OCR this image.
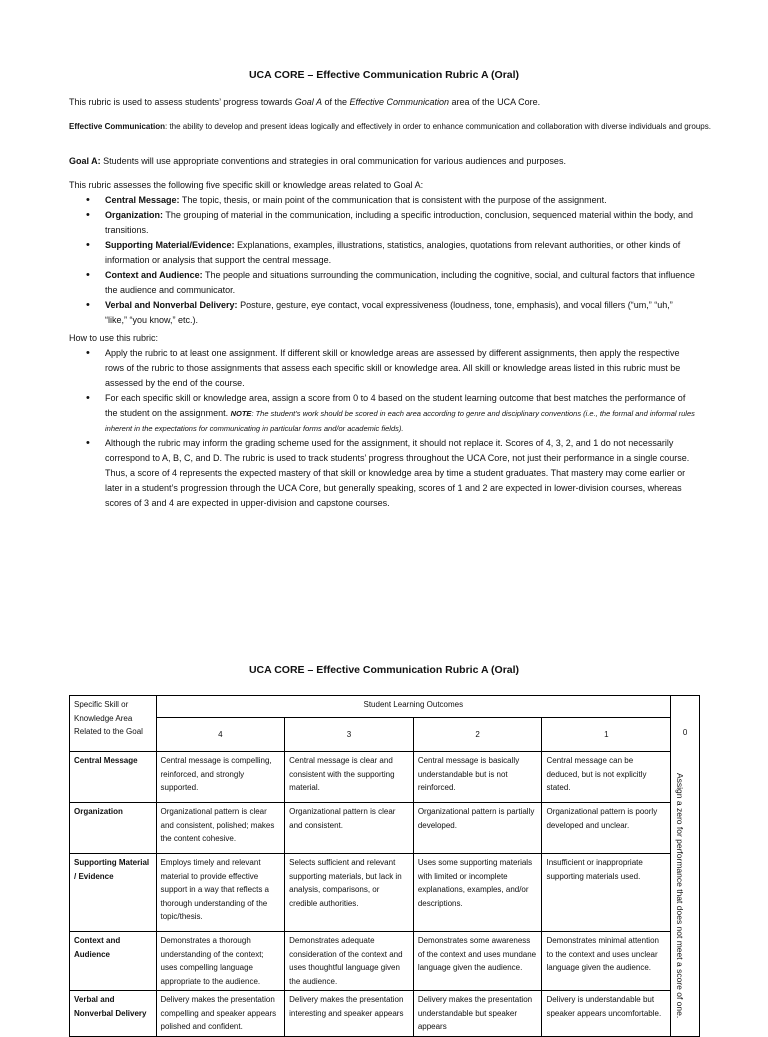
UCA CORE – Effective Communication Rubric A (Oral)
This rubric is used to assess students’ progress towards Goal A of the Effective Communication area of the UCA Core.
Effective Communication: the ability to develop and present ideas logically and effectively in order to enhance communication and collaboration with diverse individuals and groups.
Goal A: Students will use appropriate conventions and strategies in oral communication for various audiences and purposes.
This rubric assesses the following five specific skill or knowledge areas related to Goal A:
• Central Message: The topic, thesis, or main point of the communication that is consistent with the purpose of the assignment.
• Organization: The grouping of material in the communication, including a specific introduction, conclusion, sequenced material within the body, and transitions.
• Supporting Material/Evidence: Explanations, examples, illustrations, statistics, analogies, quotations from relevant authorities, or other kinds of information or analysis that support the central message.
• Context and Audience: The people and situations surrounding the communication, including the cognitive, social, and cultural factors that influence the audience and communicator.
• Verbal and Nonverbal Delivery: Posture, gesture, eye contact, vocal expressiveness (loudness, tone, emphasis), and vocal fillers (“um,” “uh,” “like,” “you know,” etc.).
How to use this rubric:
• Apply the rubric to at least one assignment. If different skill or knowledge areas are assessed by different assignments, then apply the respective rows of the rubric to those assignments that assess each specific skill or knowledge area. All skill or knowledge areas listed in this rubric must be assessed by the end of the course.
• For each specific skill or knowledge area, assign a score from 0 to 4 based on the student learning outcome that best matches the performance of the student on the assignment. NOTE: The student’s work should be scored in each area according to genre and disciplinary conventions (i.e., the formal and informal rules inherent in the expectations for communicating in particular forms and/or academic fields).
• Although the rubric may inform the grading scheme used for the assignment, it should not replace it. Scores of 4, 3, 2, and 1 do not necessarily correspond to A, B, C, and D. The rubric is used to track students’ progress throughout the UCA Core, not just their performance in a single course. Thus, a score of 4 represents the expected mastery of that skill or knowledge area by time a student graduates. That mastery may come earlier or later in a student’s progression through the UCA Core, but generally speaking, scores of 1 and 2 are expected in lower-division courses, whereas scores of 3 and 4 are expected in upper-division and capstone courses.
UCA CORE – Effective Communication Rubric A (Oral)
Specific Skill or Knowledge Area Related to the Goal	Student Learning Outcomes				0
Assign a zero for performance that does not meet a score of one.

	4	3	2	1	
Central Message	Central message is compelling, reinforced, and strongly supported.	Central message is clear and consistent with the supporting material.	Central message is basically understandable but is not reinforced.	Central message can be deduced, but is not explicitly stated.	
Organization	Organizational pattern is clear and consistent, polished; makes the content cohesive.	Organizational pattern is clear and consistent.	Organizational pattern is partially developed.	Organizational pattern is poorly developed and unclear.	
Supporting Material / Evidence	Employs timely and relevant material to provide effective support in a way that reflects a thorough understanding of the topic/thesis.	Selects sufficient and relevant supporting materials, but lack in analysis, comparisons, or credible authorities.	Uses some supporting materials with limited or incomplete explanations, examples, and/or descriptions.	Insufficient or inappropriate supporting materials used.	
Context and Audience	Demonstrates a thorough understanding of the context; uses compelling language appropriate to the audience.	Demonstrates adequate consideration of the context and uses thoughtful language given the audience.	Demonstrates some awareness of the context and uses mundane language given the audience.	Demonstrates minimal attention to the context and uses unclear language given the audience.	
Verbal and Nonverbal Delivery	Delivery makes the presentation compelling and speaker appears polished and confident.	Delivery makes the presentation interesting and speaker appears	Delivery makes the presentation understandable but speaker appears	Delivery is understandable but speaker appears uncomfortable.	
